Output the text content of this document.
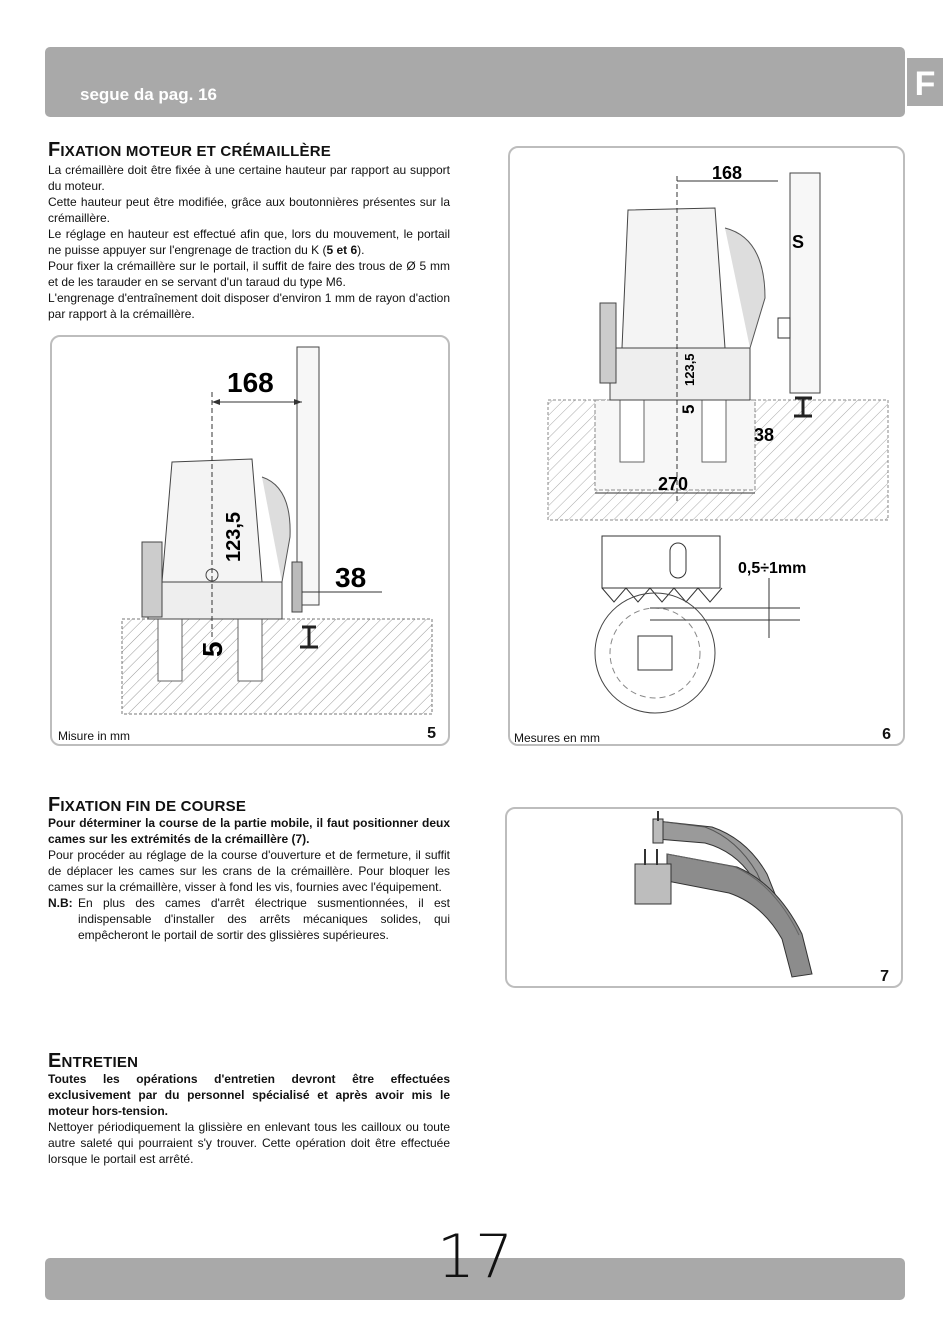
segue da pag. 16	F
FIXATION MOTEUR ET CRÉMAILLÈRE

La crémaillère doit être fixée à une certaine hauteur par rapport au support du moteur.

Cette hauteur peut être modifiée, grâce aux boutonnières présentes sur la crémaillère.

Le réglage en hauteur est effectué afin que, lors du mouvement, le portail ne puisse appuyer sur l'engrenage de traction du K (5 et 6).

Pour fixer la crémaillère sur le portail, il suffit de faire des trous de Ø 5 mm et de les tarauder en se servant d'un taraud du type M6.

L'engrenage d'entraînement doit disposer d'environ 1 mm de rayon d'action par rapport à la crémaillère.

168
123,5
5
38
Misure in mm	5
168
S
123,5
5
38
270
0,5÷1mm
Mesures en mm	6
FIXATION FIN DE COURSE

Pour déterminer la course de la partie mobile, il faut positionner deux cames sur les extrémités de la crémaillère (7).

Pour procéder au réglage de la course d'ouverture et de fermeture, il suffit de déplacer les cames sur les crans de la crémaillère. Pour bloquer les cames sur la crémaillère, visser à fond les vis, fournies avec l'équipement.

N.B: En plus des cames d'arrêt électrique susmentionnées, il est indispensable d'installer des arrêts mécaniques solides, qui empêcheront le portail de sortir des glissières supérieures.
7
ENTRETIEN

Toutes les opérations d'entretien devront être effectuées exclusivement par du personnel spécialisé et après avoir mis le moteur hors-tension.

Nettoyer périodiquement la glissière en enlevant tous les cailloux ou toute autre saleté qui pourraient s'y trouver. Cette opération doit être effectuée lorsque le portail est arrêté.

17
